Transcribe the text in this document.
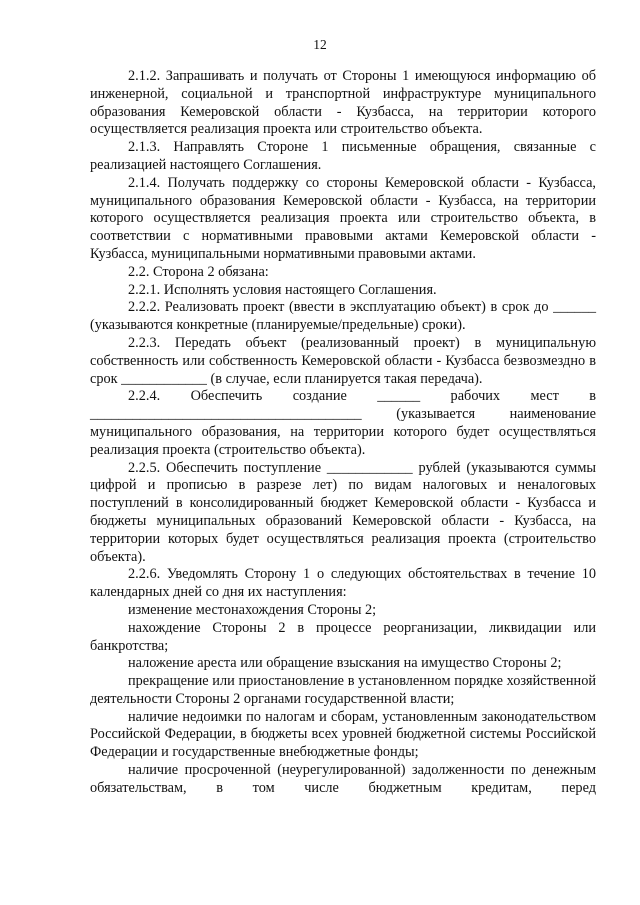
12

2.1.2. Запрашивать и получать от Стороны 1 имеющуюся информацию об инженерной, социальной и транспортной инфраструктуре муниципального образования Кемеровской области - Кузбасса, на территории которого осуществляется реализация проекта или строительство объекта.

2.1.3. Направлять Стороне 1 письменные обращения, связанные с реализацией настоящего Соглашения.

2.1.4. Получать поддержку со стороны Кемеровской области - Кузбасса, муниципального образования Кемеровской области - Кузбасса, на территории которого осуществляется реализация проекта или строительство объекта, в соответствии с нормативными правовыми актами Кемеровской области - Кузбасса, муниципальными нормативными правовыми актами.

2.2. Сторона 2 обязана:

2.2.1. Исполнять условия настоящего Соглашения.

2.2.2. Реализовать проект (ввести в эксплуатацию объект) в срок до ______ (указываются конкретные (планируемые/предельные) сроки).

2.2.3. Передать объект (реализованный проект) в муниципальную собственность или собственность Кемеровской области - Кузбасса безвозмездно в срок ____________ (в случае, если планируется такая передача).

2.2.4. Обеспечить создание ______ рабочих мест в ______________________________________ (указывается наименование муниципального образования, на территории которого будет осуществляться реализация проекта (строительство объекта).

2.2.5. Обеспечить поступление ____________ рублей (указываются суммы цифрой и прописью в разрезе лет) по видам налоговых и неналоговых поступлений в консолидированный бюджет Кемеровской области - Кузбасса и бюджеты муниципальных образований Кемеровской области - Кузбасса, на территории которых будет осуществляться реализация проекта (строительство объекта).

2.2.6. Уведомлять Сторону 1 о следующих обстоятельствах в течение 10 календарных дней со дня их наступления:

изменение местонахождения Стороны 2;

нахождение Стороны 2 в процессе реорганизации, ликвидации или банкротства;

наложение ареста или обращение взыскания на имущество Стороны 2;

прекращение или приостановление в установленном порядке хозяйственной деятельности Стороны 2 органами государственной власти;

наличие недоимки по налогам и сборам, установленным законодательством Российской Федерации, в бюджеты всех уровней бюджетной системы Российской Федерации и государственные внебюджетные фонды;

наличие просроченной (неурегулированной) задолженности по денежным обязательствам, в том числе бюджетным кредитам, перед
